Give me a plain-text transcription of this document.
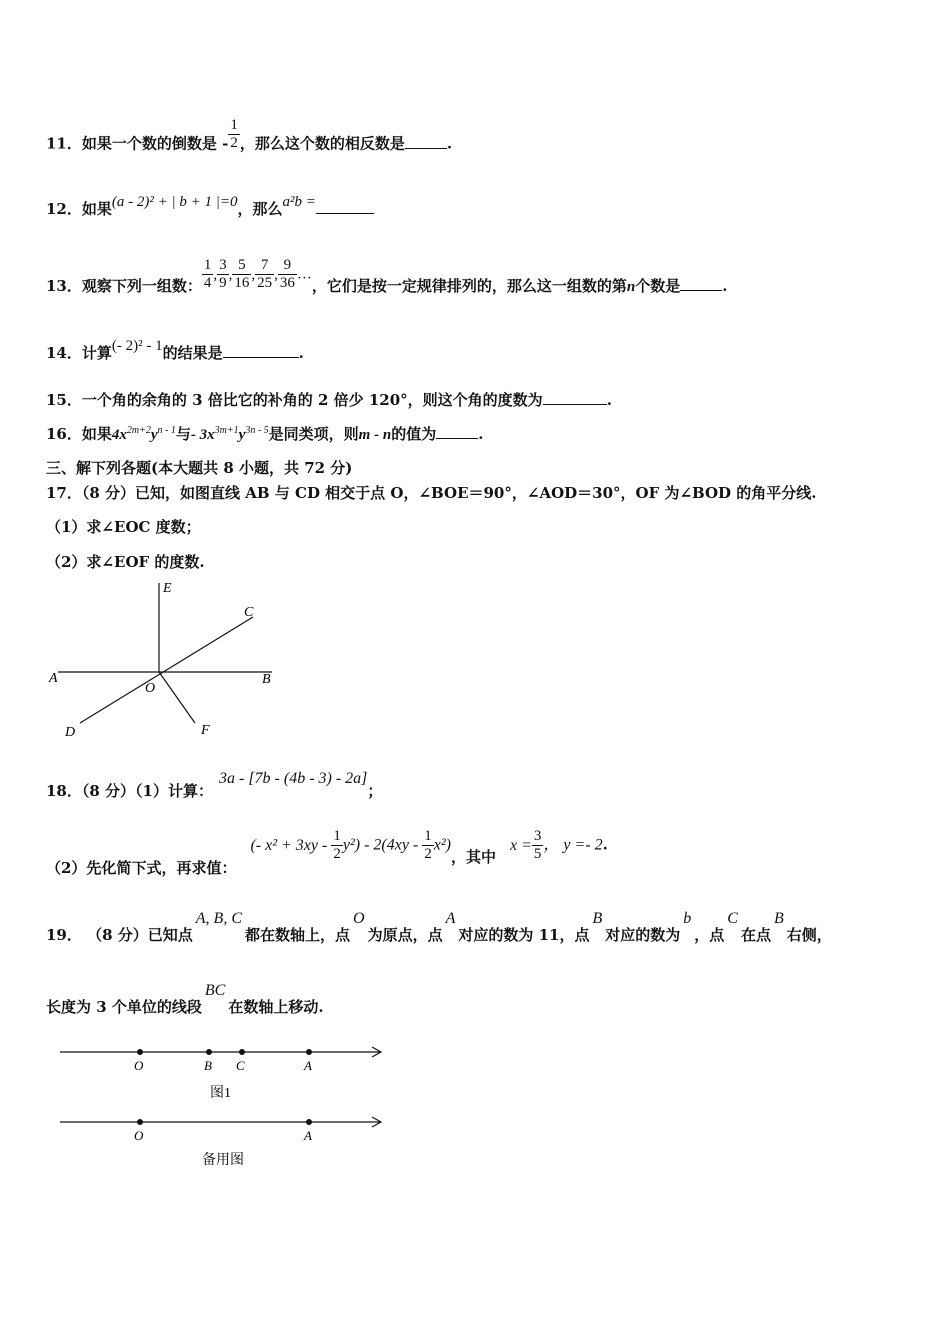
11．如果一个数的倒数是 - $\frac{1}{2}$ ，那么这个数的相反数是	.
12．如果(a - 2)² + | b + 1 |=0，那么a²b =
13．观察下列一组数： $\frac{1}{4}$ , $\frac{3}{9}$ , $\frac{5}{16}$ , $\frac{7}{25}$ , $\frac{9}{36}$ …，它们是按一定规律排列的，那么这一组数的第n个数是	.
14．计算(- 2)² - 1的结果是	.
15．一个角的余角的 3 倍比它的补角的 2 倍少 120°，则这个角的度数为	.
16．如果$4x^{2m+2}y^{n - 1}$与- $3x^{3m+1}y^{3n - 5}$是同类项，则m - n的值为	.
三、解下列各题(本大题共 8 小题，共 72 分)
17．（8 分）已知，如图直线 AB 与 CD 相交于点 O，∠BOE＝90°，∠AOD＝30°，OF 为∠BOD 的角平分线.
（1）求∠EOC 度数；
（2）求∠EOF 的度数.
E
C
A	B
O
D	F
18．（8 分）（1）计算：3a - [7b - (4b - 3) - 2a]；
（2）先化简下式，再求值：(- $x^2 + 3xy - \frac{1}{2} y^2) - 2(4xy - \frac{1}{2} x^2)$，其中$x = \frac{3}{5}$ ， y =- 2.
19． （8 分）已知点A, B, C都在数轴上，点O为原点，点A对应的数为 11，点B对应的数为b，点C在点B右侧，
长度为 3 个单位的线段BC在数轴上移动.
O	B C	A
图1
O	A
备用图
